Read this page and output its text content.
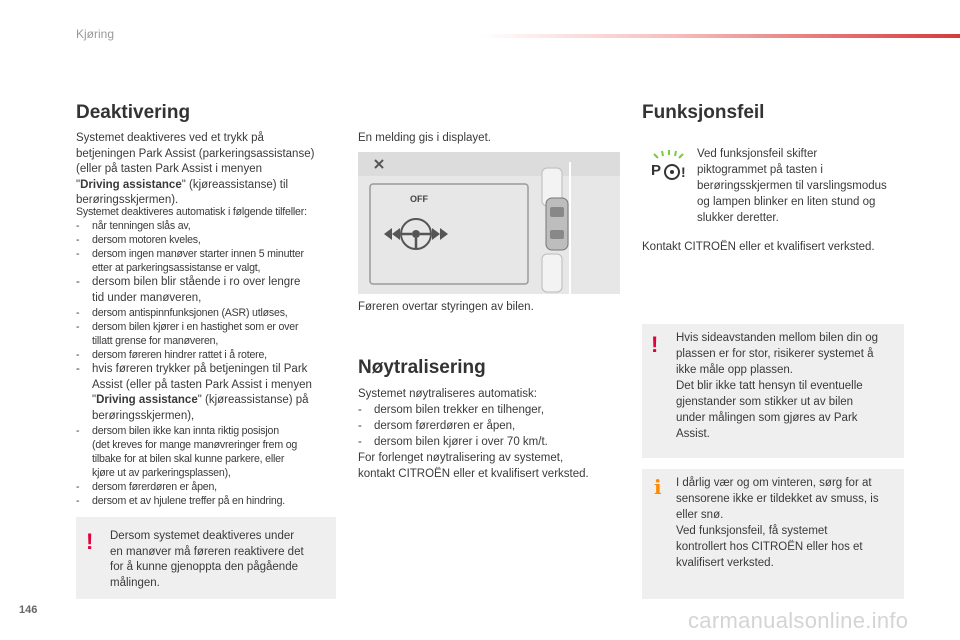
Kjøring
Deaktivering
Systemet deaktiveres ved et trykk på
betjeningen Park Assist (parkeringsassistanse)
(eller på tasten Park Assist i menyen
"Driving assistance" (kjøreassistanse) til
berøringsskjermen).
Systemet deaktiveres automatisk i følgende tilfeller:
- når tenningen slås av,
- dersom motoren kveles,
- dersom ingen manøver starter innen 5 minutter
etter at parkeringsassistanse er valgt,
- dersom bilen blir stående i ro over lengre
tid under manøveren,
- dersom antispinnfunksjonen (ASR) utløses,
- dersom bilen kjører i en hastighet som er over
tillatt grense for manøveren,
- dersom føreren hindrer rattet i å rotere,
- hvis føreren trykker på betjeningen til Park
Assist (eller på tasten Park Assist i menyen
"Driving assistance" (kjøreassistanse) på
berøringsskjermen),
- dersom bilen ikke kan innta riktig posisjon
(det kreves for mange manøvreringer frem og
tilbake for at bilen skal kunne parkere, eller
kjøre ut av parkeringsplassen),
- dersom førerdøren er åpen,
- dersom et av hjulene treffer på en hindring.
! Dersom systemet deaktiveres under
en manøver må føreren reaktivere det
for å kunne gjenoppta den pågående
målingen.
En melding gis i displayet.
OFF
Føreren overtar styringen av bilen.
Nøytralisering
Systemet nøytraliseres automatisk:
- dersom bilen trekker en tilhenger,
- dersom førerdøren er åpen,
- dersom bilen kjører i over 70 km/t.
For forlenget nøytralisering av systemet,
kontakt CITROËN eller et kvalifisert verksted.
Funksjonsfeil
P !
Ved funksjonsfeil skifter
piktogrammet på tasten i
berøringsskjermen til varslingsmodus
og lampen blinker en liten stund og
slukker deretter.
Kontakt CITROËN eller et kvalifisert verksted.
! Hvis sideavstanden mellom bilen din og
plassen er for stor, risikerer systemet å
ikke måle opp plassen.
Det blir ikke tatt hensyn til eventuelle
gjenstander som stikker ut av bilen
under målingen som gjøres av Park
Assist.
i I dårlig vær og om vinteren, sørg for at
sensorene ikke er tildekket av smuss, is
eller snø.
Ved funksjonsfeil, få systemet
kontrollert hos CITROËN eller hos et
kvalifisert verksted.
146	carmanualsonline.info
